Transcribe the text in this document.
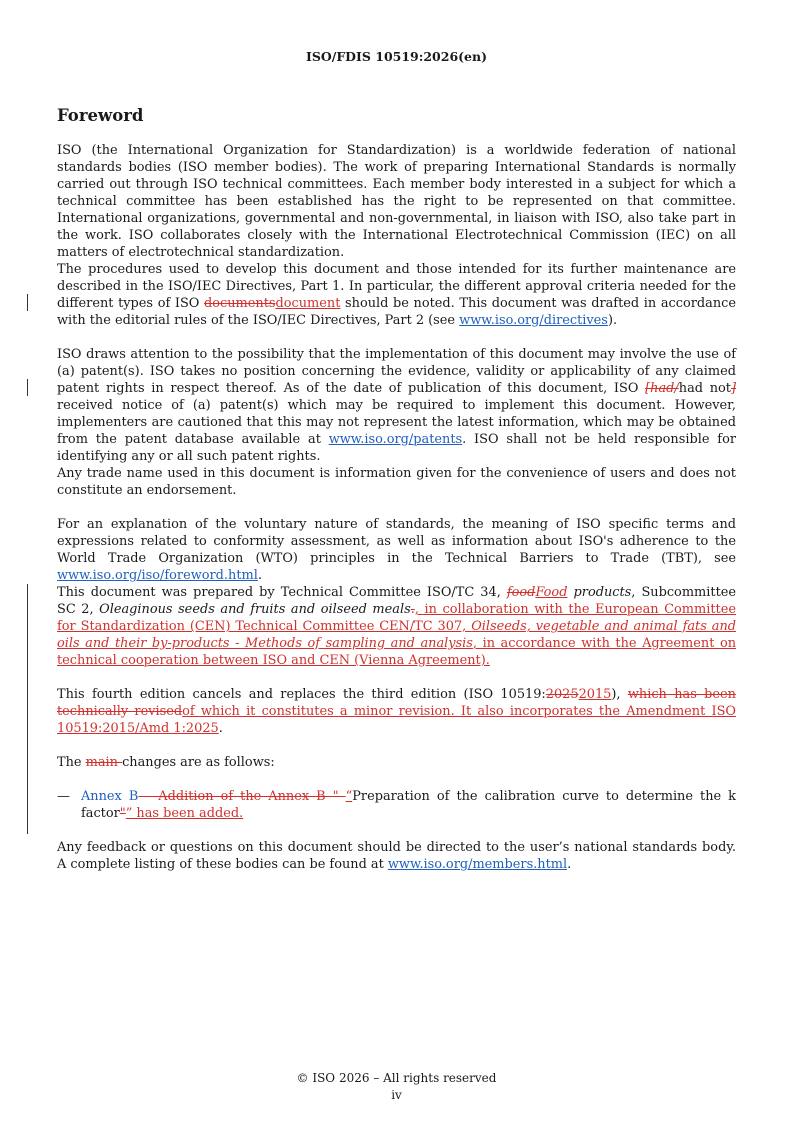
ISO/FDIS 10519:2026(en)
Foreword

ISO (the International Organization for Standardization) is a worldwide federation of national standards bodies (ISO member bodies). The work of preparing International Standards is normally carried out through ISO technical committees. Each member body interested in a subject for which a technical committee has been established has the right to be represented on that committee. International organizations, governmental and non-governmental, in liaison with ISO, also take part in the work. ISO collaborates closely with the International Electrotechnical Commission (IEC) on all matters of electrotechnical standardization.

The procedures used to develop this document and those intended for its further maintenance are described in the ISO/IEC Directives, Part 1. In particular, the different approval criteria needed for the different types of ISO documentsdocument should be noted. This document was drafted in accordance with the editorial rules of the ISO/IEC Directives, Part 2 (see www.iso.org/directives).

ISO draws attention to the possibility that the implementation of this document may involve the use of (a) patent(s). ISO takes no position concerning the evidence, validity or applicability of any claimed patent rights in respect thereof. As of the date of publication of this document, ISO [had/had not] received notice of (a) patent(s) which may be required to implement this document. However, implementers are cautioned that this may not represent the latest information, which may be obtained from the patent database available at www.iso.org/patents. ISO shall not be held responsible for identifying any or all such patent rights.

Any trade name used in this document is information given for the convenience of users and does not constitute an endorsement.

For an explanation of the voluntary nature of standards, the meaning of ISO specific terms and expressions related to conformity assessment, as well as information about ISO's adherence to the World Trade Organization (WTO) principles in the Technical Barriers to Trade (TBT), see www.iso.org/iso/foreword.html.

This document was prepared by Technical Committee ISO/TC 34, foodFood products, Subcommittee SC 2, Oleaginous seeds and fruits and oilseed meals., in collaboration with the European Committee for Standardization (CEN) Technical Committee CEN/TC 307, Oilseeds, vegetable and animal fats and oils and their by-products - Methods of sampling and analysis, in accordance with the Agreement on technical cooperation between ISO and CEN (Vienna Agreement).

This fourth edition cancels and replaces the third edition (ISO 10519:20252015), which has been technically revisedof which it constitutes a minor revision. It also incorporates the Amendment ISO 10519:2015/Amd 1:2025.

The main changes are as follows:

— Annex B— Addition of the Annex B " “Preparation of the calibration curve to determine the k factor"” has been added.

Any feedback or questions on this document should be directed to the user’s national standards body. A complete listing of these bodies can be found at www.iso.org/members.html.

© ISO 2026 – All rights reserved
iv
